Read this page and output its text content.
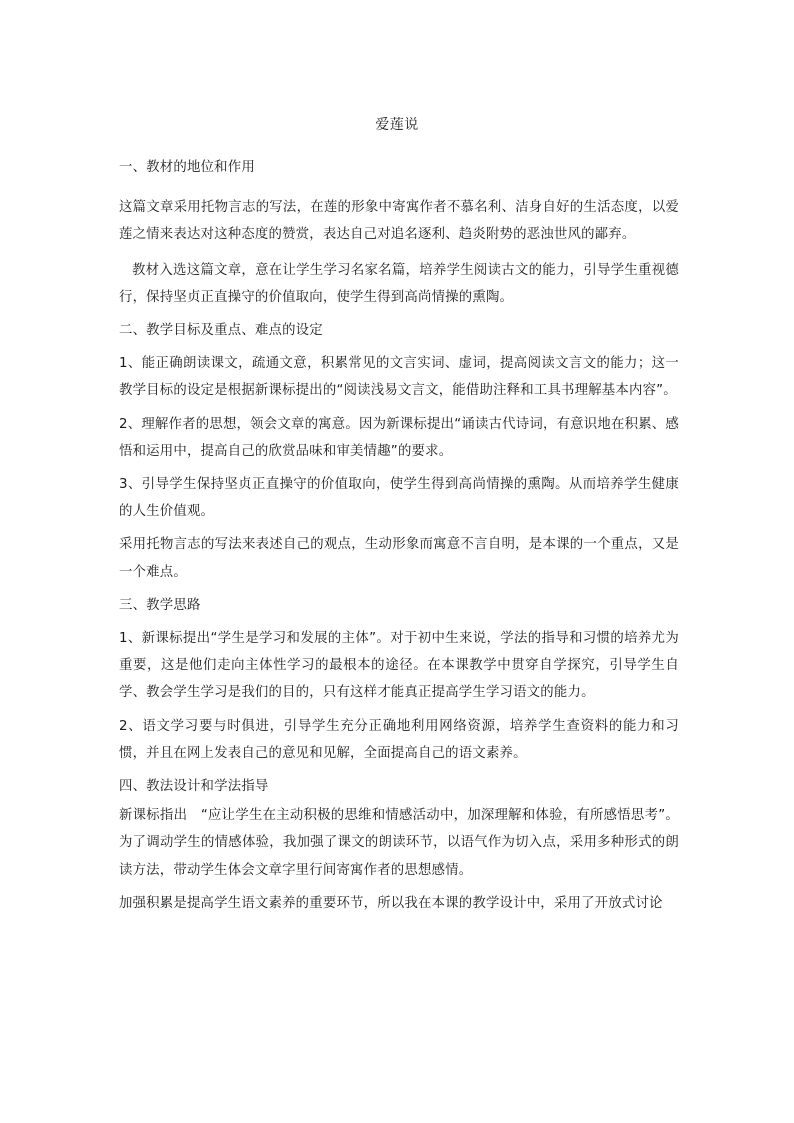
爱莲说

一、教材的地位和作用

这篇文章采用托物言志的写法，在莲的形象中寄寓作者不慕名利、洁身自好的生活态度，以爱莲之情来表达对这种态度的赞赏，表达自己对追名逐利、趋炎附势的恶浊世风的鄙弃。

教材入选这篇文章，意在让学生学习名家名篇，培养学生阅读古文的能力，引导学生重视德行，保持坚贞正直操守的价值取向，使学生得到高尚情操的熏陶。

二、教学目标及重点、难点的设定

1、能正确朗读课文，疏通文意，积累常见的文言实词、虚词，提高阅读文言文的能力；这一教学目标的设定是根据新课标提出的“阅读浅易文言文，能借助注释和工具书理解基本内容”。

2、理解作者的思想，领会文章的寓意。因为新课标提出“诵读古代诗词，有意识地在积累、感悟和运用中，提高自己的欣赏品味和审美情趣”的要求。

3、引导学生保持坚贞正直操守的价值取向，使学生得到高尚情操的熏陶。从而培养学生健康的人生价值观。

采用托物言志的写法来表述自己的观点，生动形象而寓意不言自明，是本课的一个重点，又是一个难点。

三、教学思路

1、新课标提出“学生是学习和发展的主体”。对于初中生来说，学法的指导和习惯的培养尤为重要，这是他们走向主体性学习的最根本的途径。在本课教学中贯穿自学探究，引导学生自学、教会学生学习是我们的目的，只有这样才能真正提高学生学习语文的能力。

2、语文学习要与时俱进，引导学生充分正确地利用网络资源，培养学生查资料的能力和习惯，并且在网上发表自己的意见和见解，全面提高自己的语文素养。

四、教法设计和学法指导

新课标指出　“应让学生在主动积极的思维和情感活动中，加深理解和体验，有所感悟思考”。为了调动学生的情感体验，我加强了课文的朗读环节，以语气作为切入点，采用多种形式的朗读方法，带动学生体会文章字里行间寄寓作者的思想感情。

加强积累是提高学生语文素养的重要环节，所以我在本课的教学设计中，采用了开放式讨论
